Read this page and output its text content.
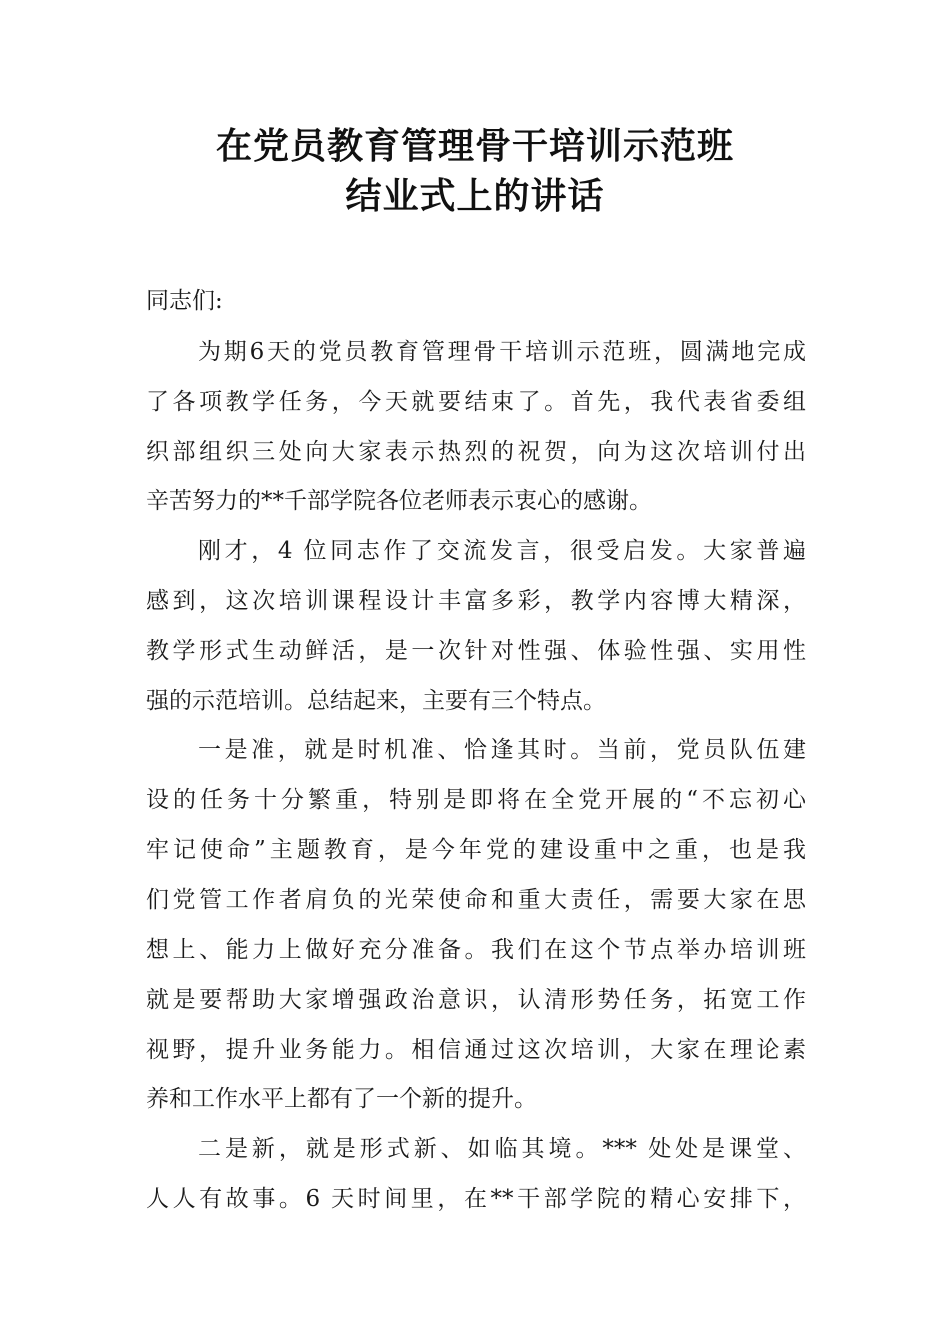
在党员教育管理骨干培训示范班
结业式上的讲话
同志们:
为期6天的党员教育管理骨干培训示范班，圆满地完成
了各项教学任务，今天就要结束了。首先，我代表省委组
织部组织三处向大家表示热烈的祝贺，向为这次培训付出
辛苦努力的**千部学院各位老师表示衷心的感谢。
刚才，4 位同志作了交流发言，很受启发。大家普遍
感到，这次培训课程设计丰富多彩，教学内容博大精深，
教学形式生动鲜活，是一次针对性强、体验性强、实用性
强的示范培训。总结起来，主要有三个特点。
一是准，就是时机准、恰逢其时。当前，党员队伍建
设的任务十分繁重，特别是即将在全党开展的“不忘初心
牢记使命”主题教育，是今年党的建设重中之重，也是我
们党管工作者肩负的光荣使命和重大责任，需要大家在思
想上、能力上做好充分准备。我们在这个节点举办培训班
就是要帮助大家增强政治意识，认清形势任务，拓宽工作
视野，提升业务能力。相信通过这次培训，大家在理论素
养和工作水平上都有了一个新的提升。
二是新，就是形式新、如临其境。*** 处处是课堂、
人人有故事。6 天时间里，在**干部学院的精心安排下，
